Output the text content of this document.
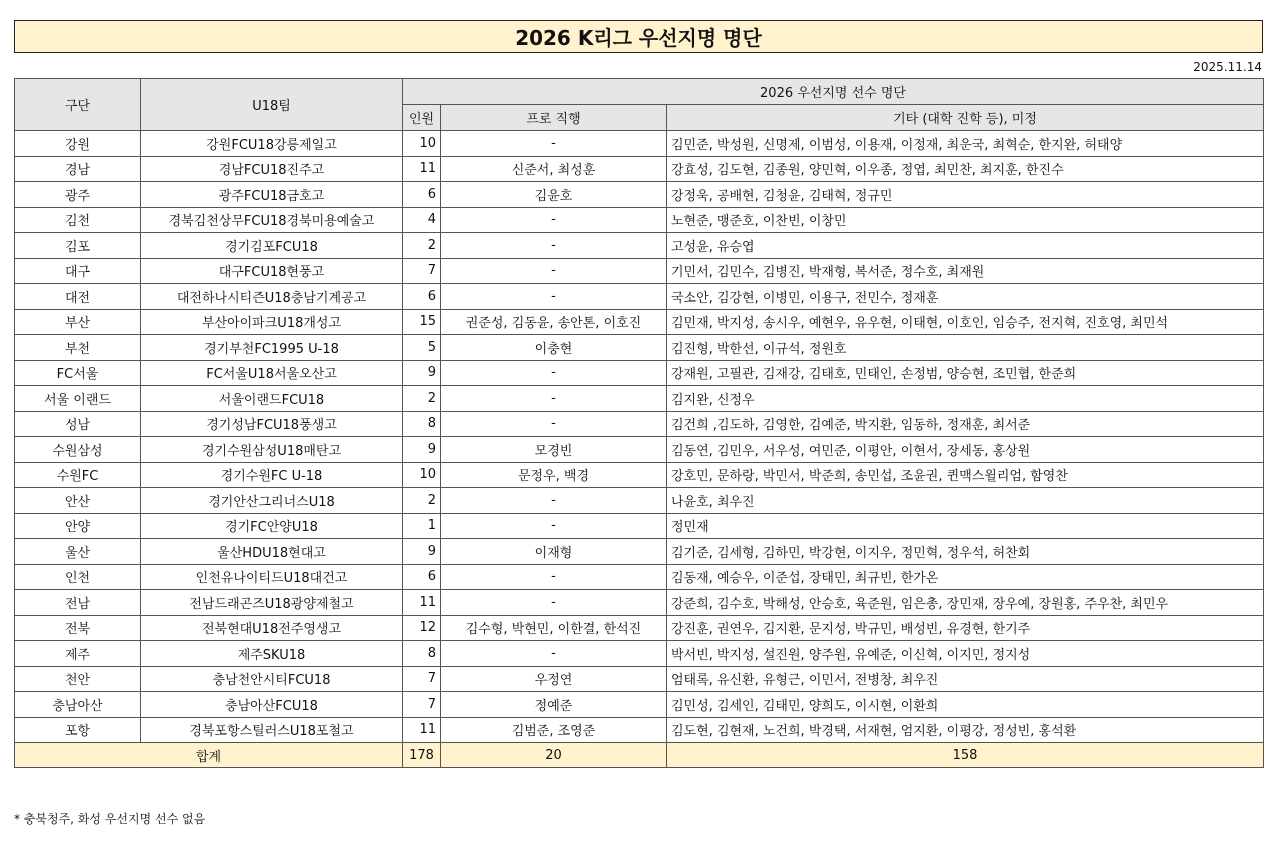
2026 K리그 우선지명 명단
2025.11.14
구단	U18팀	2026 우선지명 선수 명단		
		인원	프로 직행	기타 (대학 진학 등), 미정
강원	강원FCU18강릉제일고	10	-	김민준, 박성원, 신명제, 이범성, 이용재, 이정재, 최운국, 최혁순, 한지완, 허태양
경남	경남FCU18진주고	11	신준서, 최성훈	강효성, 김도현, 김종원, 양민혁, 이우종, 정엽, 최민찬, 최지훈, 한진수
광주	광주FCU18금호고	6	김윤호	강정욱, 공배현, 김청윤, 김태혁, 정규민
김천	경북김천상무FCU18경북미용예술고	4	-	노현준, 맹준호, 이찬빈, 이창민
김포	경기김포FCU18	2	-	고성윤, 유승엽
대구	대구FCU18현풍고	7	-	기민서, 김민수, 김병진, 박재형, 복서준, 정수호, 최재원
대전	대전하나시티즌U18충남기계공고	6	-	국소안, 김강현, 이병민, 이용구, 전민수, 정재훈
부산	부산아이파크U18개성고	15	권준성, 김동윤, 송안톤, 이호진	김민재, 박지성, 송시우, 예현우, 유우현, 이태현, 이호인, 임승주, 전지혁, 진호영, 최민석
부천	경기부천FC1995 U-18	5	이충현	김진형, 박한선, 이규석, 정원호
FC서울	FC서울U18서울오산고	9	-	강재원, 고필관, 김재강, 김태호, 민태인, 손정범, 양승현, 조민협, 한준희
서울 이랜드	서울이랜드FCU18	2	-	김지완, 신정우
성남	경기성남FCU18풍생고	8	-	김건희 ,김도하, 김영한, 김예준, 박지환, 임동하, 정재훈, 최서준
수원삼성	경기수원삼성U18매탄고	9	모경빈	김동연, 김민우, 서우성, 여민준, 이평안, 이현서, 장세동, 홍상원
수원FC	경기수원FC U-18	10	문정우, 백경	강호민, 문하랑, 박민서, 박준희, 송민섭, 조윤권, 퀸맥스윌리엄, 함영찬
안산	경기안산그리너스U18	2	-	나윤호, 최우진
안양	경기FC안양U18	1	-	정민재
울산	울산HDU18현대고	9	이재형	김기준, 김세형, 김하민, 박강현, 이지우, 정민혁, 정우석, 허찬회
인천	인천유나이티드U18대건고	6	-	김동재, 예승우, 이준섭, 장태민, 최규빈, 한가온
전남	전남드래곤즈U18광양제철고	11	-	강준희, 김수호, 박해성, 안승호, 육준원, 임은총, 장민재, 장우예, 장원홍, 주우찬, 최민우
전북	전북현대U18전주영생고	12	김수형, 박현민, 이한결, 한석진	강진훈, 권연우, 김지환, 문지성, 박규민, 배성빈, 유경현, 한기주
제주	제주SKU18	8	-	박서빈, 박지성, 설진원, 양주원, 유예준, 이신혁, 이지민, 정지성
천안	충남천안시티FCU18	7	우정연	엄태록, 유신환, 유형근, 이민서, 전병창, 최우진
충남아산	충남아산FCU18	7	정예준	김민성, 김세인, 김태민, 양희도, 이시현, 이환희
포항	경북포항스틸러스U18포철고	11	김범준, 조영준	김도현, 김현재, 노건희, 박경택, 서재현, 엄지환, 이평강, 정성빈, 홍석환
합계		178	20	158
* 충북청주, 화성 우선지명 선수 없음
